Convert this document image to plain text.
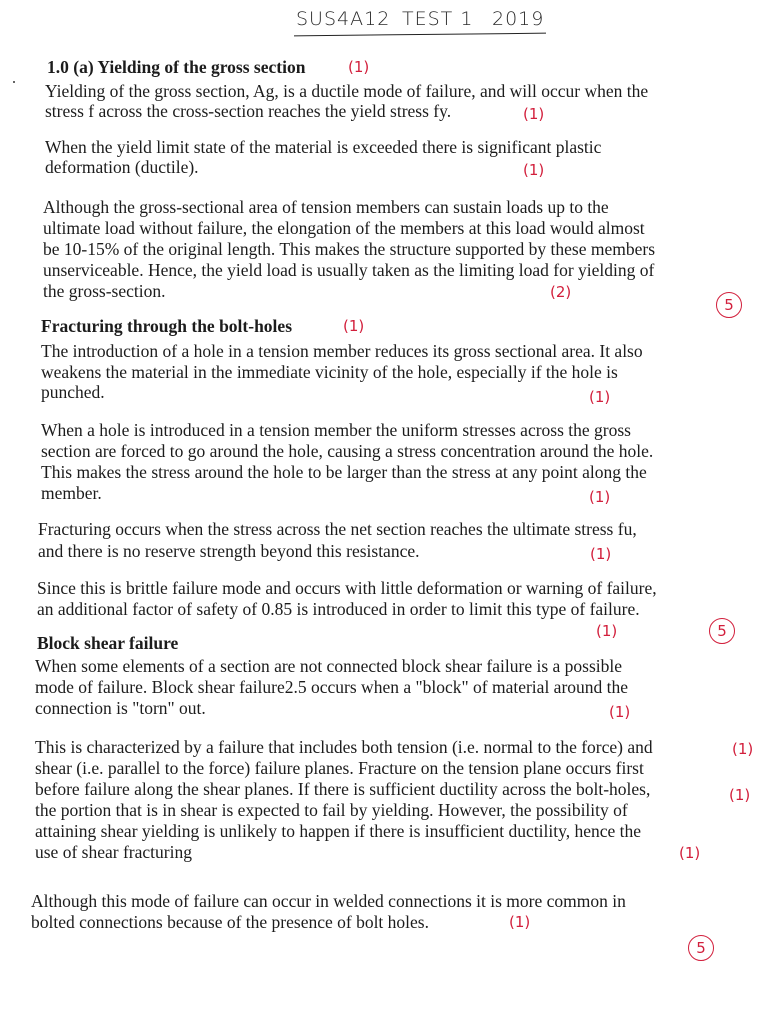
SUS4A12 TEST 1 2019
1.0 (a) Yielding of the gross section	(1)
Yielding of the gross section, Ag, is a ductile mode of failure, and will occur when the
stress f across the cross-section reaches the yield stress fy.	(1)
When the yield limit state of the material is exceeded there is significant plastic
deformation (ductile).	(1)
Although the gross-sectional area of tension members can sustain loads up to the
ultimate load without failure, the elongation of the members at this load would almost
be 10-15% of the original length. This makes the structure supported by these members
unserviceable. Hence, the yield load is usually taken as the limiting load for yielding of
the gross-section.	(2)
5
Fracturing through the bolt-holes	(1)
The introduction of a hole in a tension member reduces its gross sectional area. It also
weakens the material in the immediate vicinity of the hole, especially if the hole is
punched.	(1)
When a hole is introduced in a tension member the uniform stresses across the gross
section are forced to go around the hole, causing a stress concentration around the hole.
This makes the stress around the hole to be larger than the stress at any point along the
member.	(1)
Fracturing occurs when the stress across the net section reaches the ultimate stress fu,
and there is no reserve strength beyond this resistance.	(1)
Since this is brittle failure mode and occurs with little deformation or warning of failure,
an additional factor of safety of 0.85 is introduced in order to limit this type of failure.
(1)	5
Block shear failure
When some elements of a section are not connected block shear failure is a possible
mode of failure. Block shear failure2.5 occurs when a "block" of material around the
connection is "torn" out.	(1)
This is characterized by a failure that includes both tension (i.e. normal to the force) and
shear (i.e. parallel to the force) failure planes. Fracture on the tension plane occurs first
before failure along the shear planes. If there is sufficient ductility across the bolt-holes,
the portion that is in shear is expected to fail by yielding. However, the possibility of
attaining shear yielding is unlikely to happen if there is insufficient ductility, hence the
use of shear fracturing
(1)
(1)
(1)
Although this mode of failure can occur in welded connections it is more common in
bolted connections because of the presence of bolt holes.	(1)
5
